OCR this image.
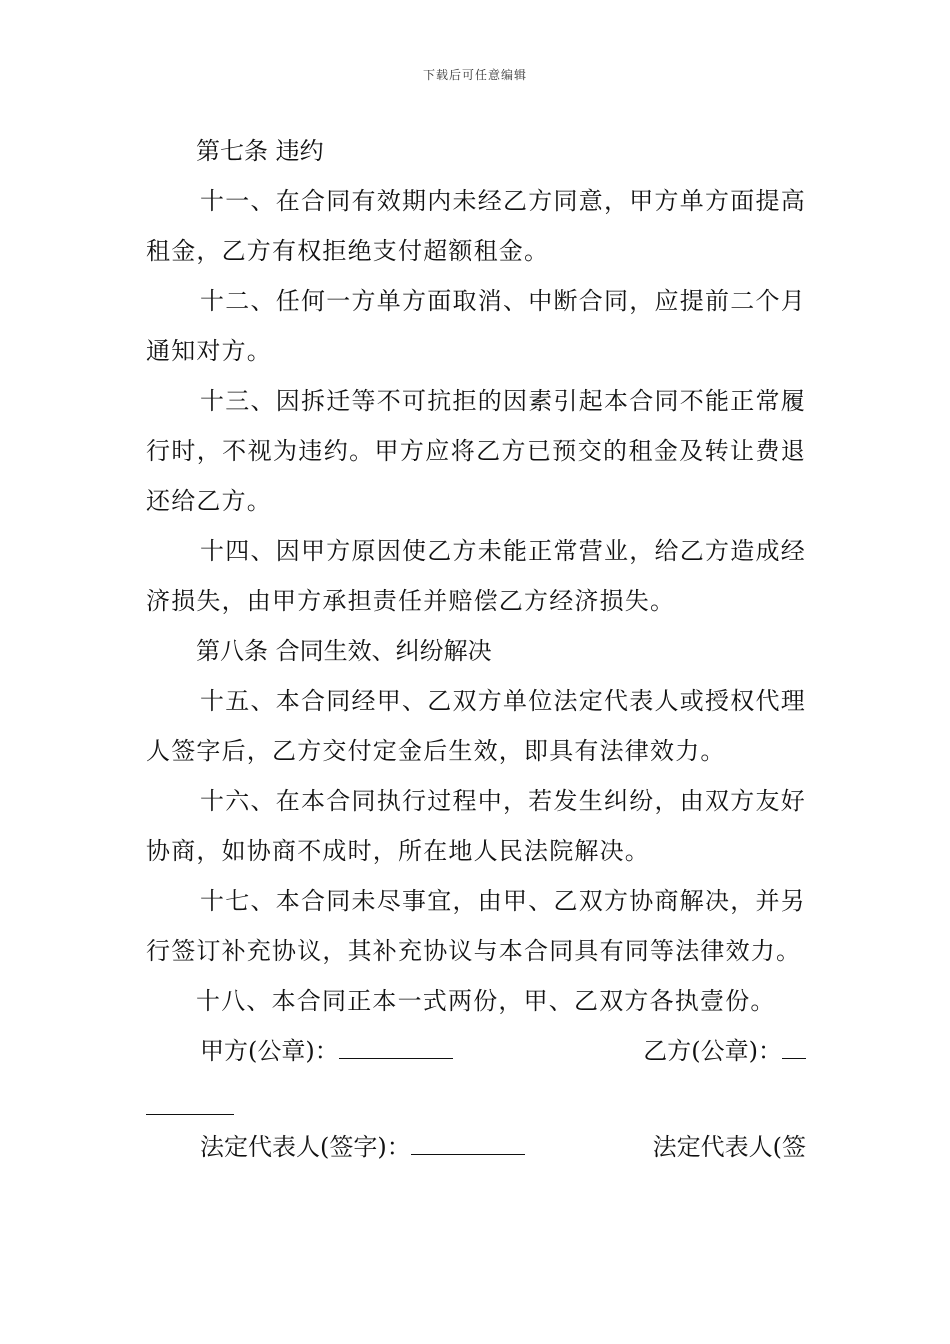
下载后可任意编辑

第七条 违约

十一、在合同有效期内未经乙方同意，甲方单方面提高租金，乙方有权拒绝支付超额租金。

十二、任何一方单方面取消、中断合同，应提前二个月通知对方。

十三、因拆迁等不可抗拒的因素引起本合同不能正常履行时，不视为违约。甲方应将乙方已预交的租金及转让费退还给乙方。

十四、因甲方原因使乙方未能正常营业，给乙方造成经济损失，由甲方承担责任并赔偿乙方经济损失。

第八条 合同生效、纠纷解决

十五、本合同经甲、乙双方单位法定代表人或授权代理人签字后，乙方交付定金后生效，即具有法律效力。

十六、在本合同执行过程中，若发生纠纷，由双方友好协商，如协商不成时，所在地人民法院解决。

十七、本合同未尽事宜，由甲、乙双方协商解决，并另行签订补充协议，其补充协议与本合同具有同等法律效力。

十八、本合同正本一式两份，甲、乙双方各执壹份。

甲方(公章)：	乙方(公章)：
法定代表人(签字)：	法定代表人(签
